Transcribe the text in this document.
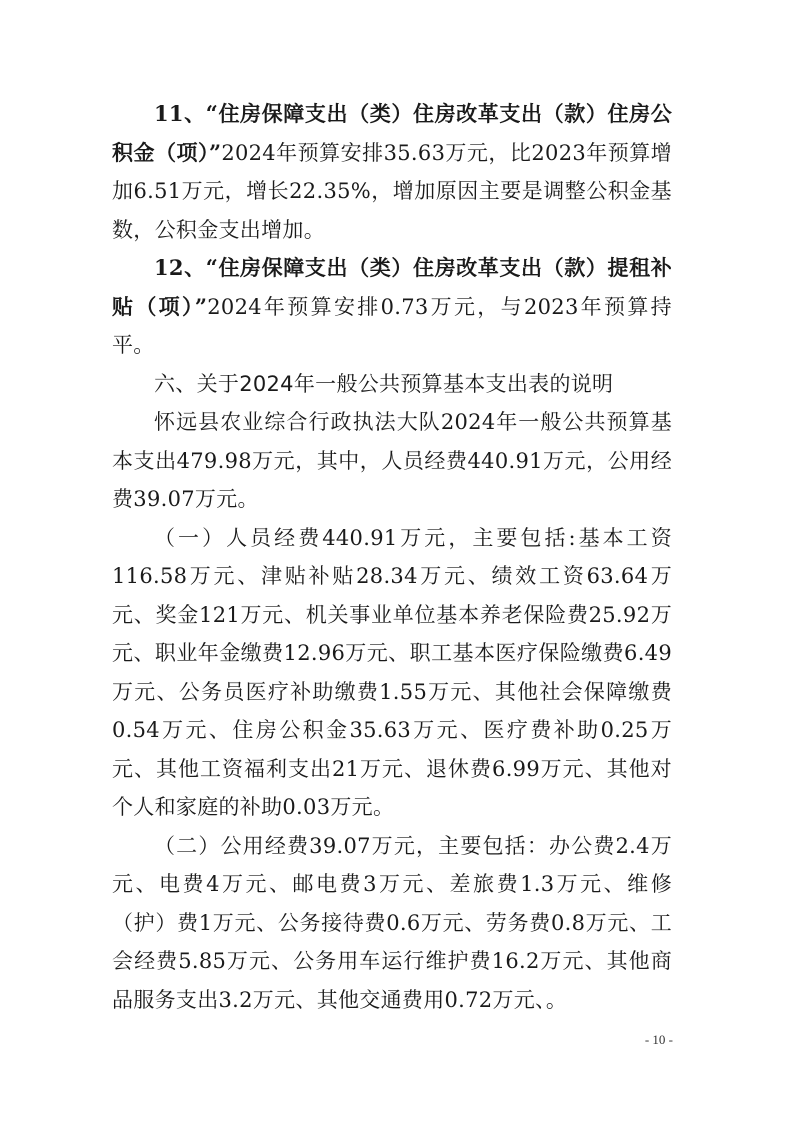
11、“住房保障支出（类）住房改革支出（款）住房公积金（项）”2024年预算安排35.63万元，比2023年预算增加6.51万元，增长22.35%，增加原因主要是调整公积金基数，公积金支出增加。

12、“住房保障支出（类）住房改革支出（款）提租补贴（项）”2024年预算安排0.73万元，与2023年预算持平。

六、关于2024年一般公共预算基本支出表的说明

怀远县农业综合行政执法大队2024年一般公共预算基本支出479.98万元，其中，人员经费440.91万元，公用经费39.07万元。

（一）人员经费440.91万元，主要包括:基本工资116.58万元、津贴补贴28.34万元、绩效工资63.64万元、奖金121万元、机关事业单位基本养老保险费25.92万元、职业年金缴费12.96万元、职工基本医疗保险缴费6.49万元、公务员医疗补助缴费1.55万元、其他社会保障缴费0.54万元、住房公积金35.63万元、医疗费补助0.25万元、其他工资福利支出21万元、退休费6.99万元、其他对个人和家庭的补助0.03万元。

（二）公用经费39.07万元，主要包括：办公费2.4万元、电费4万元、邮电费3万元、差旅费1.3万元、维修（护）费1万元、公务接待费0.6万元、劳务费0.8万元、工会经费5.85万元、公务用车运行维护费16.2万元、其他商品服务支出3.2万元、其他交通费用0.72万元、。

- 10 -
